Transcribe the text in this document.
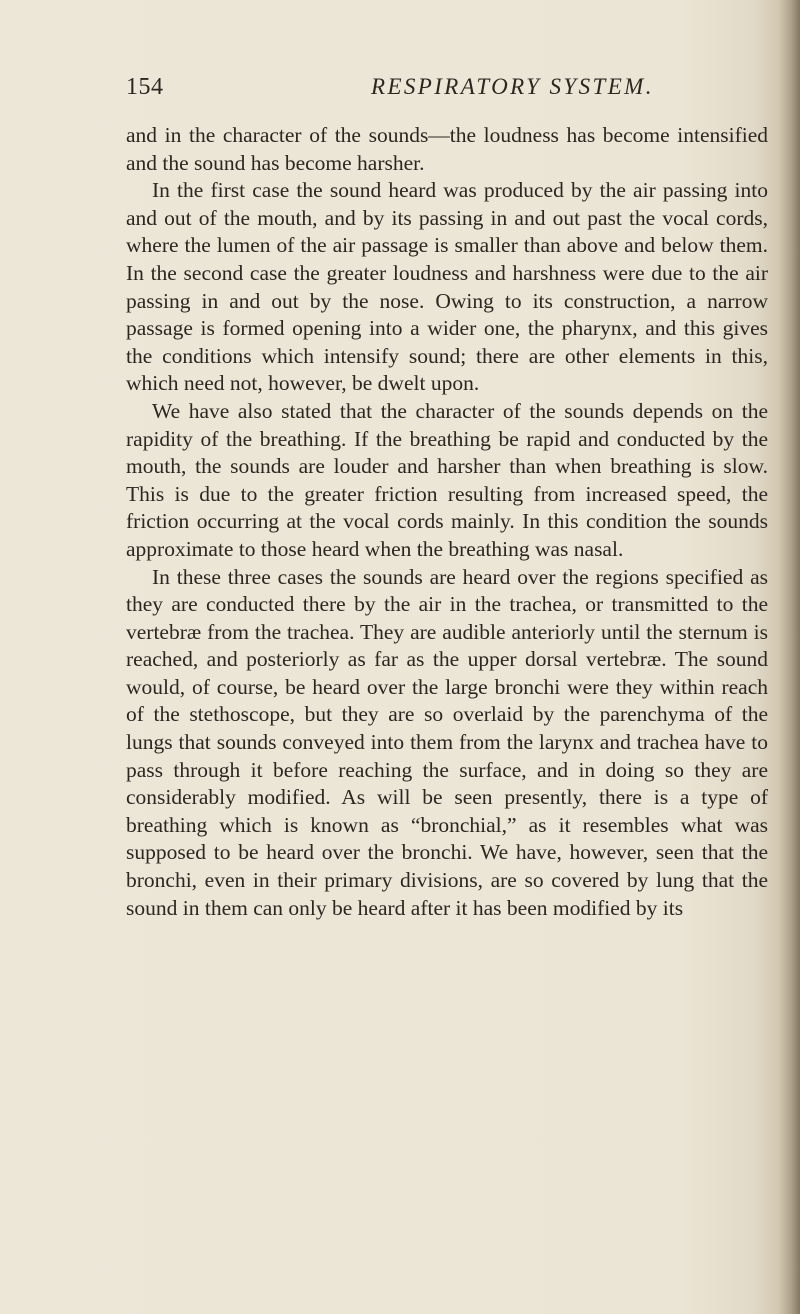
154	RESPIRATORY SYSTEM.

and in the character of the sounds—the loudness has become intensified and the sound has become harsher.

In the first case the sound heard was produced by the air passing into and out of the mouth, and by its passing in and out past the vocal cords, where the lumen of the air passage is smaller than above and below them. In the second case the greater loudness and harshness were due to the air passing in and out by the nose. Owing to its construction, a narrow passage is formed opening into a wider one, the pharynx, and this gives the conditions which intensify sound; there are other elements in this, which need not, however, be dwelt upon.

We have also stated that the character of the sounds depends on the rapidity of the breathing. If the breathing be rapid and conducted by the mouth, the sounds are louder and harsher than when breathing is slow. This is due to the greater friction resulting from increased speed, the friction occurring at the vocal cords mainly. In this condition the sounds approximate to those heard when the breathing was nasal.

In these three cases the sounds are heard over the regions specified as they are conducted there by the air in the trachea, or transmitted to the vertebræ from the trachea. They are audible anteriorly until the sternum is reached, and posteriorly as far as the upper dorsal vertebræ. The sound would, of course, be heard over the large bronchi were they within reach of the stethoscope, but they are so overlaid by the parenchyma of the lungs that sounds conveyed into them from the larynx and trachea have to pass through it before reaching the surface, and in doing so they are considerably modified. As will be seen presently, there is a type of breathing which is known as “bronchial,” as it resembles what was supposed to be heard over the bronchi. We have, however, seen that the bronchi, even in their primary divisions, are so covered by lung that the sound in them can only be heard after it has been modified by its
